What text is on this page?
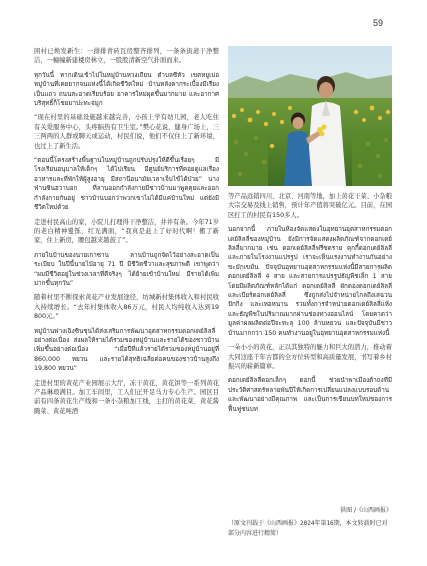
59

困村已焕发新生：一排排青砖瓦房整齐排列，一条条街道干净整洁，一幢幢新建楼房林立，一股股清新空气扑面而来。

ทุกวันนี้ หากเดินเข้าไปในหมู่บ้านหวงเถียน ตำบลซีหัว เขตหยูเบ่อ หมู่บ้านที่เคยยากจนแห่งนี้ได้เกิดชีวิตใหม่ บ้านหลังคากระเบื้องมีเรียงเป็นแถว ถนนสะอาดเรียบร้อย อาคารใหม่ผุดขึ้นมากมาย และอากาศบริสุทธิ์ก็โชยมาปะทะจมูก

“现在村里的基础设施越来越完善，小孩上学有幼儿园，老人吃住有关爱服务中心，头疼脑热有卫生室。”樊心花说，健身广场上，三三两两的人群或聊天或运动，村民们说，他们不仅住上了新环境，也过上了新生活。

“ตอนนี้โครงสร้างพื้นฐานในหมู่บ้านถูกปรับปรุงให้ดีขึ้นเรื่อยๆ มีโรงเรียนอนุบาลให้เด็กๆ ได้ไปเรียน มีศูนย์บริการที่คอยดูแลเรื่องอาหารและที่พักให้ผู้สูงอายุ มีสถานีอนามัยเวลาเจ็บไข้ได้ป่วย” นางฟ่านซินฮวาบอก ที่ลานออกกำลังกายมีชาวบ้านมาพูดคุยและออกกำลังกายกันอยู่ ชาวบ้านบอกว่าพวกเขาไม่ได้มีแค่บ้านใหม่ แต่ยังมีชีวิตใหม่ด้วย

走进村民高山的家，小院儿打理得干净整洁，井井有条。今年71岁的老白精神矍铄、红光满面，“我真是赶上了好时代啊！搬了新家，住上新房，腰包越来越鼓了”。

ภายในบ้านของนายเกาซาน ลานบ้านถูกจัดไว้อย่างสะอาดเป็นระเบียบ ในปีนี้นายไป๋อายุ 71 ปี มีชีวิตชีวาและสุขภาพดี เขาพูดว่า “ผมมีชีวิตอยู่ในช่วงเวลาที่ดีจริงๆ ได้ย้ายเข้าบ้านใหม่ มีรายได้เพิ่มมากขึ้นทุกวัน”

随着村里不断探索黄花产业发展途径，坊城新村集体收入和村民收入持续增长。“去年村集体收入86万元，村民人均纯收入达到19 800元。”

หมู่บ้านฟางเฉิงซินชุนได้ส่งเสริมการพัฒนาอุตสาหกรรมดอกเดย์ลิลลี่อย่างต่อเนื่อง ส่งผลให้รายได้รวมของหมู่บ้านและรายได้ของชาวบ้านเพิ่มขึ้นอย่างต่อเนื่อง “เมื่อปีที่แล้วรายได้รวมของหมู่บ้านอยู่ที่ 860,000 หยวน และรายได้สุทธิเฉลี่ยต่อคนของชาวบ้านสูงถึง 19,800 หยวน”

走进村里的黄花产业园展示大厅，冻干黄花、黄花饼等一系列黄花产品琳琅满目。加工车间里，工人们正开足马力专心生产。园区目前有四条黄花生产线和一条小杂粮加工线，主打的黄花菜、黄花酱腌菜、黄花吨酒

等产品远销四川、北京、河南等地，加上黄花干菜、小杂粮大宗交易及线上销售，预计年产值将突破亿元。目前，在园区打工的村民有150多人。

นอกจากนี้ ภายในห้องจัดแสดงในอุทยานอุตสาหกรรมดอกเดย์ลิลลี่ของหมู่บ้าน ยังมีการจัดแสดงผลิตภัณฑ์จากดอกเดย์ลิลลี่มากมาย เช่น ดอกเดย์ลิลลี่ฟรีซดราย คุกกี้ดอกเดย์ลิลลี่ และภายในโรงงานแปรรูป เราจะเห็นแรงงานทำงานกันอย่างขะมักเขม้น ปัจจุบันอุทยานอุตสาหกรรมแห่งนี้มีสายการผลิตดอกเดย์ลิลลี่ 4 สาย และสายการแปรรูปธัญพืชเล็ก 1 สาย โดยมีผลิตภัณฑ์หลักได้แก่ ดอกเดย์ลิลลี่ ผักดองดอกเดย์ลิลลี่ และเบียร์ดอกเดย์ลิลลี่ ซึ่งถูกส่งไปจำหน่ายไกลถึงเสฉวน ปักกิ่ง และเหอหนาน รวมทั้งการจำหน่ายดอกเดย์ลิลลี่แห้งและธัญพืชในปริมาณมากผ่านช่องทางออนไลน์ โดยคาดว่ามูลค่าผลผลิตต่อปีจะทะลุ 100 ล้านหยวน และปัจจุบันมีชาวบ้านมากกว่า 150 คนทำงานอยู่ในอุทยานอุตสาหกรรมแห่งนี้

一朵小小的黄花，正以其独特的魅力和巨大的潜力，推动着大同这座千年古都的全方位转型和高质量发展，书写着乡村振兴的崭新篇章。

ดอกเดย์ลิลลี่ดอกเล็กๆ ดอกนี้ ช่วยนำพาเมืองต้าถงที่มีประวัติศาสตร์หลายพันปีให้เกิดการเปลี่ยนแปลงแบบรอบด้านและพัฒนาอย่างมีคุณภาพ และเป็นการเขียนบทใหม่ของการฟื้นฟูชนบท

供图 /《山西画报》
（原文刊载于《山西画报》2024年第16期，本文转载时已对部分内容进行精简）
